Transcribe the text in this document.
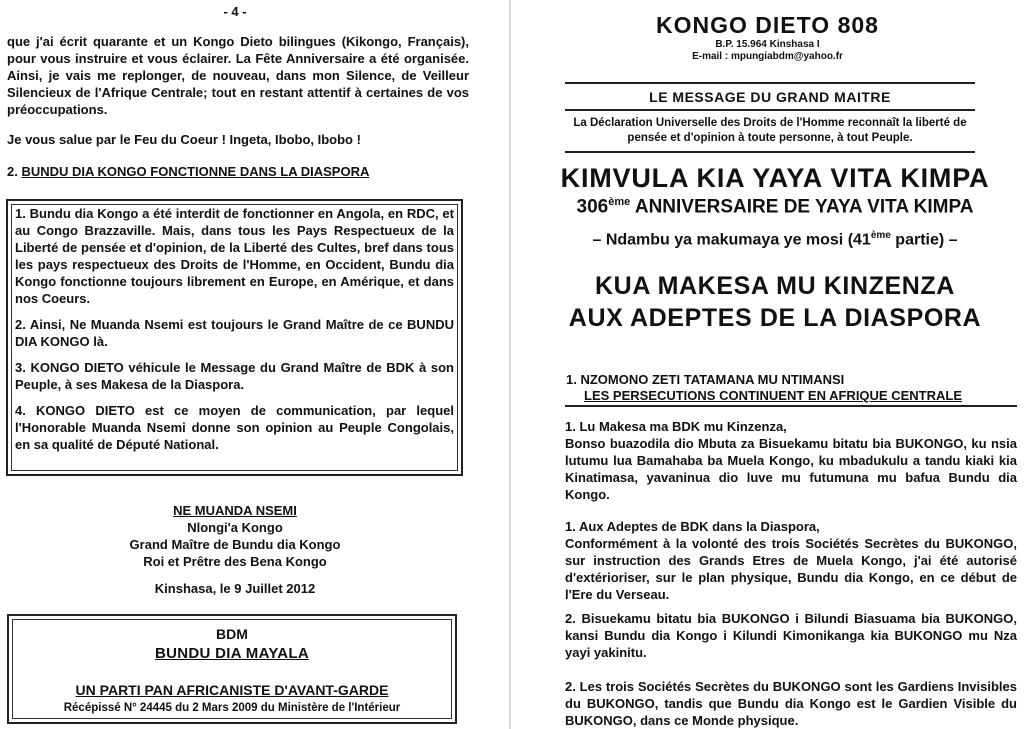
- 4 -

que j'ai écrit quarante et un Kongo Dieto bilingues (Kikongo, Français), pour vous instruire et vous éclairer. La Fête Anniversaire a été organisée. Ainsi, je vais me replonger, de nouveau, dans mon Silence, de Veilleur Silencieux de l'Afrique Centrale; tout en restant attentif à certaines de vos préoccupations.

Je vous salue par le Feu du Coeur ! Ingeta, Ibobo, Ibobo !

2. BUNDU DIA KONGO FONCTIONNE DANS LA DIASPORA

1. Bundu dia Kongo a été interdit de fonctionner en Angola, en RDC, et au Congo Brazzaville. Mais, dans tous les Pays Respectueux de la Liberté de pensée et d'opinion, de la Liberté des Cultes, bref dans tous les pays respectueux des Droits de l'Homme, en Occident, Bundu dia Kongo fonctionne toujours librement en Europe, en Amérique, et dans nos Coeurs.

2. Ainsi, Ne Muanda Nsemi est toujours le Grand Maître de ce BUNDU DIA KONGO là.

3. KONGO DIETO véhicule le Message du Grand Maître de BDK à son Peuple, à ses Makesa de la Diaspora.

4. KONGO DIETO est ce moyen de communication, par lequel l'Honorable Muanda Nsemi donne son opinion au Peuple Congolais, en sa qualité de Député National.

NE MUANDA NSEMI
Nlongi'a Kongo
Grand Maître de Bundu dia Kongo
Roi et Prêtre des Bena Kongo
Kinshasa, le 9 Juillet 2012
BDM
BUNDU DIA MAYALA
UN PARTI PAN AFRICANISTE D'AVANT-GARDE
Récépissé N° 24445 du 2 Mars 2009 du Ministère de l'Intérieur
KONGO DIETO 808
B.P. 15.964 Kinshasa I
E-mail : mpungiabdm@yahoo.fr
LE MESSAGE DU GRAND MAITRE
La Déclaration Universelle des Droits de l'Homme reconnaît la liberté de pensée et d'opinion à toute personne, à tout Peuple.
KIMVULA KIA YAYA VITA KIMPA
306ème ANNIVERSAIRE DE YAYA VITA KIMPA
– Ndambu ya makumaya ye mosi (41ème partie) –
KUA MAKESA MU KINZENZA
AUX ADEPTES DE LA DIASPORA
1. NZOMONO ZETI TATAMANA MU NTIMANSI
LES PERSECUTIONS CONTINUENT EN AFRIQUE CENTRALE

1. Lu Makesa ma BDK mu Kinzenza,

Bonso buazodila dio Mbuta za Bisuekamu bitatu bia BUKONGO, ku nsia lutumu lua Bamahaba ba Muela Kongo, ku mbadukulu a tandu kiaki kia Kinatimasa, yavaninua dio luve mu futumuna mu bafua Bundu dia Kongo.

1. Aux Adeptes de BDK dans la Diaspora,

Conformément à la volonté des trois Sociétés Secrètes du BUKONGO, sur instruction des Grands Etres de Muela Kongo, j'ai été autorisé d'extérioriser, sur le plan physique, Bundu dia Kongo, en ce début de l'Ere du Verseau.

2. Bisuekamu bitatu bia BUKONGO i Bilundi Biasuama bia BUKONGO, kansi Bundu dia Kongo i Kilundi Kimonikanga kia BUKONGO mu Nza yayi yakinitu.

2. Les trois Sociétés Secrètes du BUKONGO sont les Gardiens Invisibles du BUKONGO, tandis que Bundu dia Kongo est le Gardien Visible du BUKONGO, dans ce Monde physique.
